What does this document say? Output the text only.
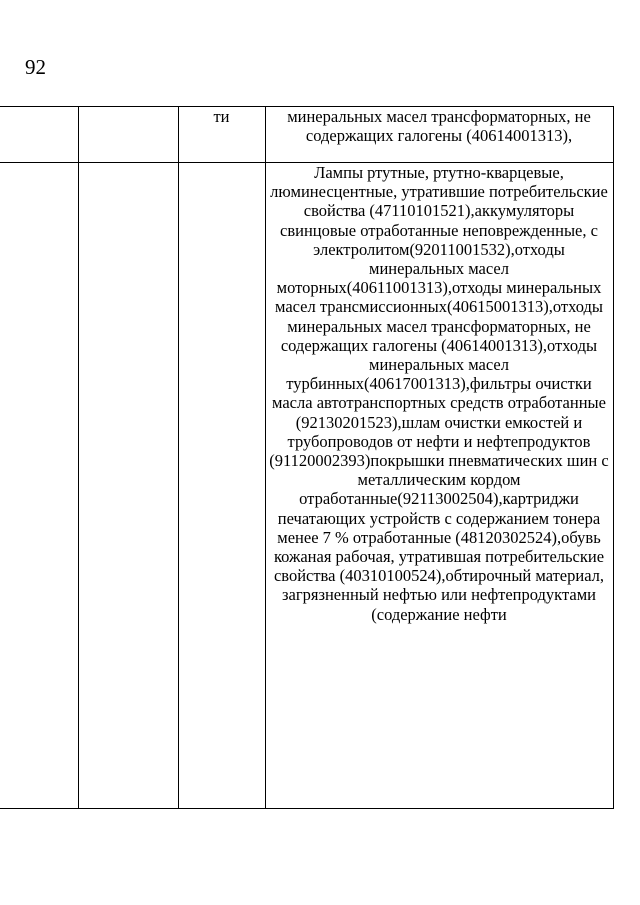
92
		ти	минеральных масел трансформаторных, не содержащих галогены (40614001313),
			Лампы ртутные, ртутно-кварцевые, люминесцентные, утратившие потребительские свойства (47110101521),аккумуляторы свинцовые отработанные неповрежденные, с электролитом(92011001532),отходы минеральных масел моторных(40611001313),отходы минеральных масел трансмиссионных(40615001313),отходы минеральных масел трансформаторных, не содержащих галогены (40614001313),отходы минеральных масел турбинных(40617001313),фильтры очистки масла автотранспортных средств отработанные (92130201523),шлам очистки емкостей и трубопроводов от нефти и нефтепродуктов (91120002393)покрышки пневматических шин с металлическим кордом отработанные(92113002504),картриджи печатающих устройств с содержанием тонера менее 7 % отработанные (48120302524),обувь кожаная рабочая, утратившая потребительские свойства (40310100524),обтирочный материал, загрязненный нефтью или нефтепродуктами (содержание нефти
